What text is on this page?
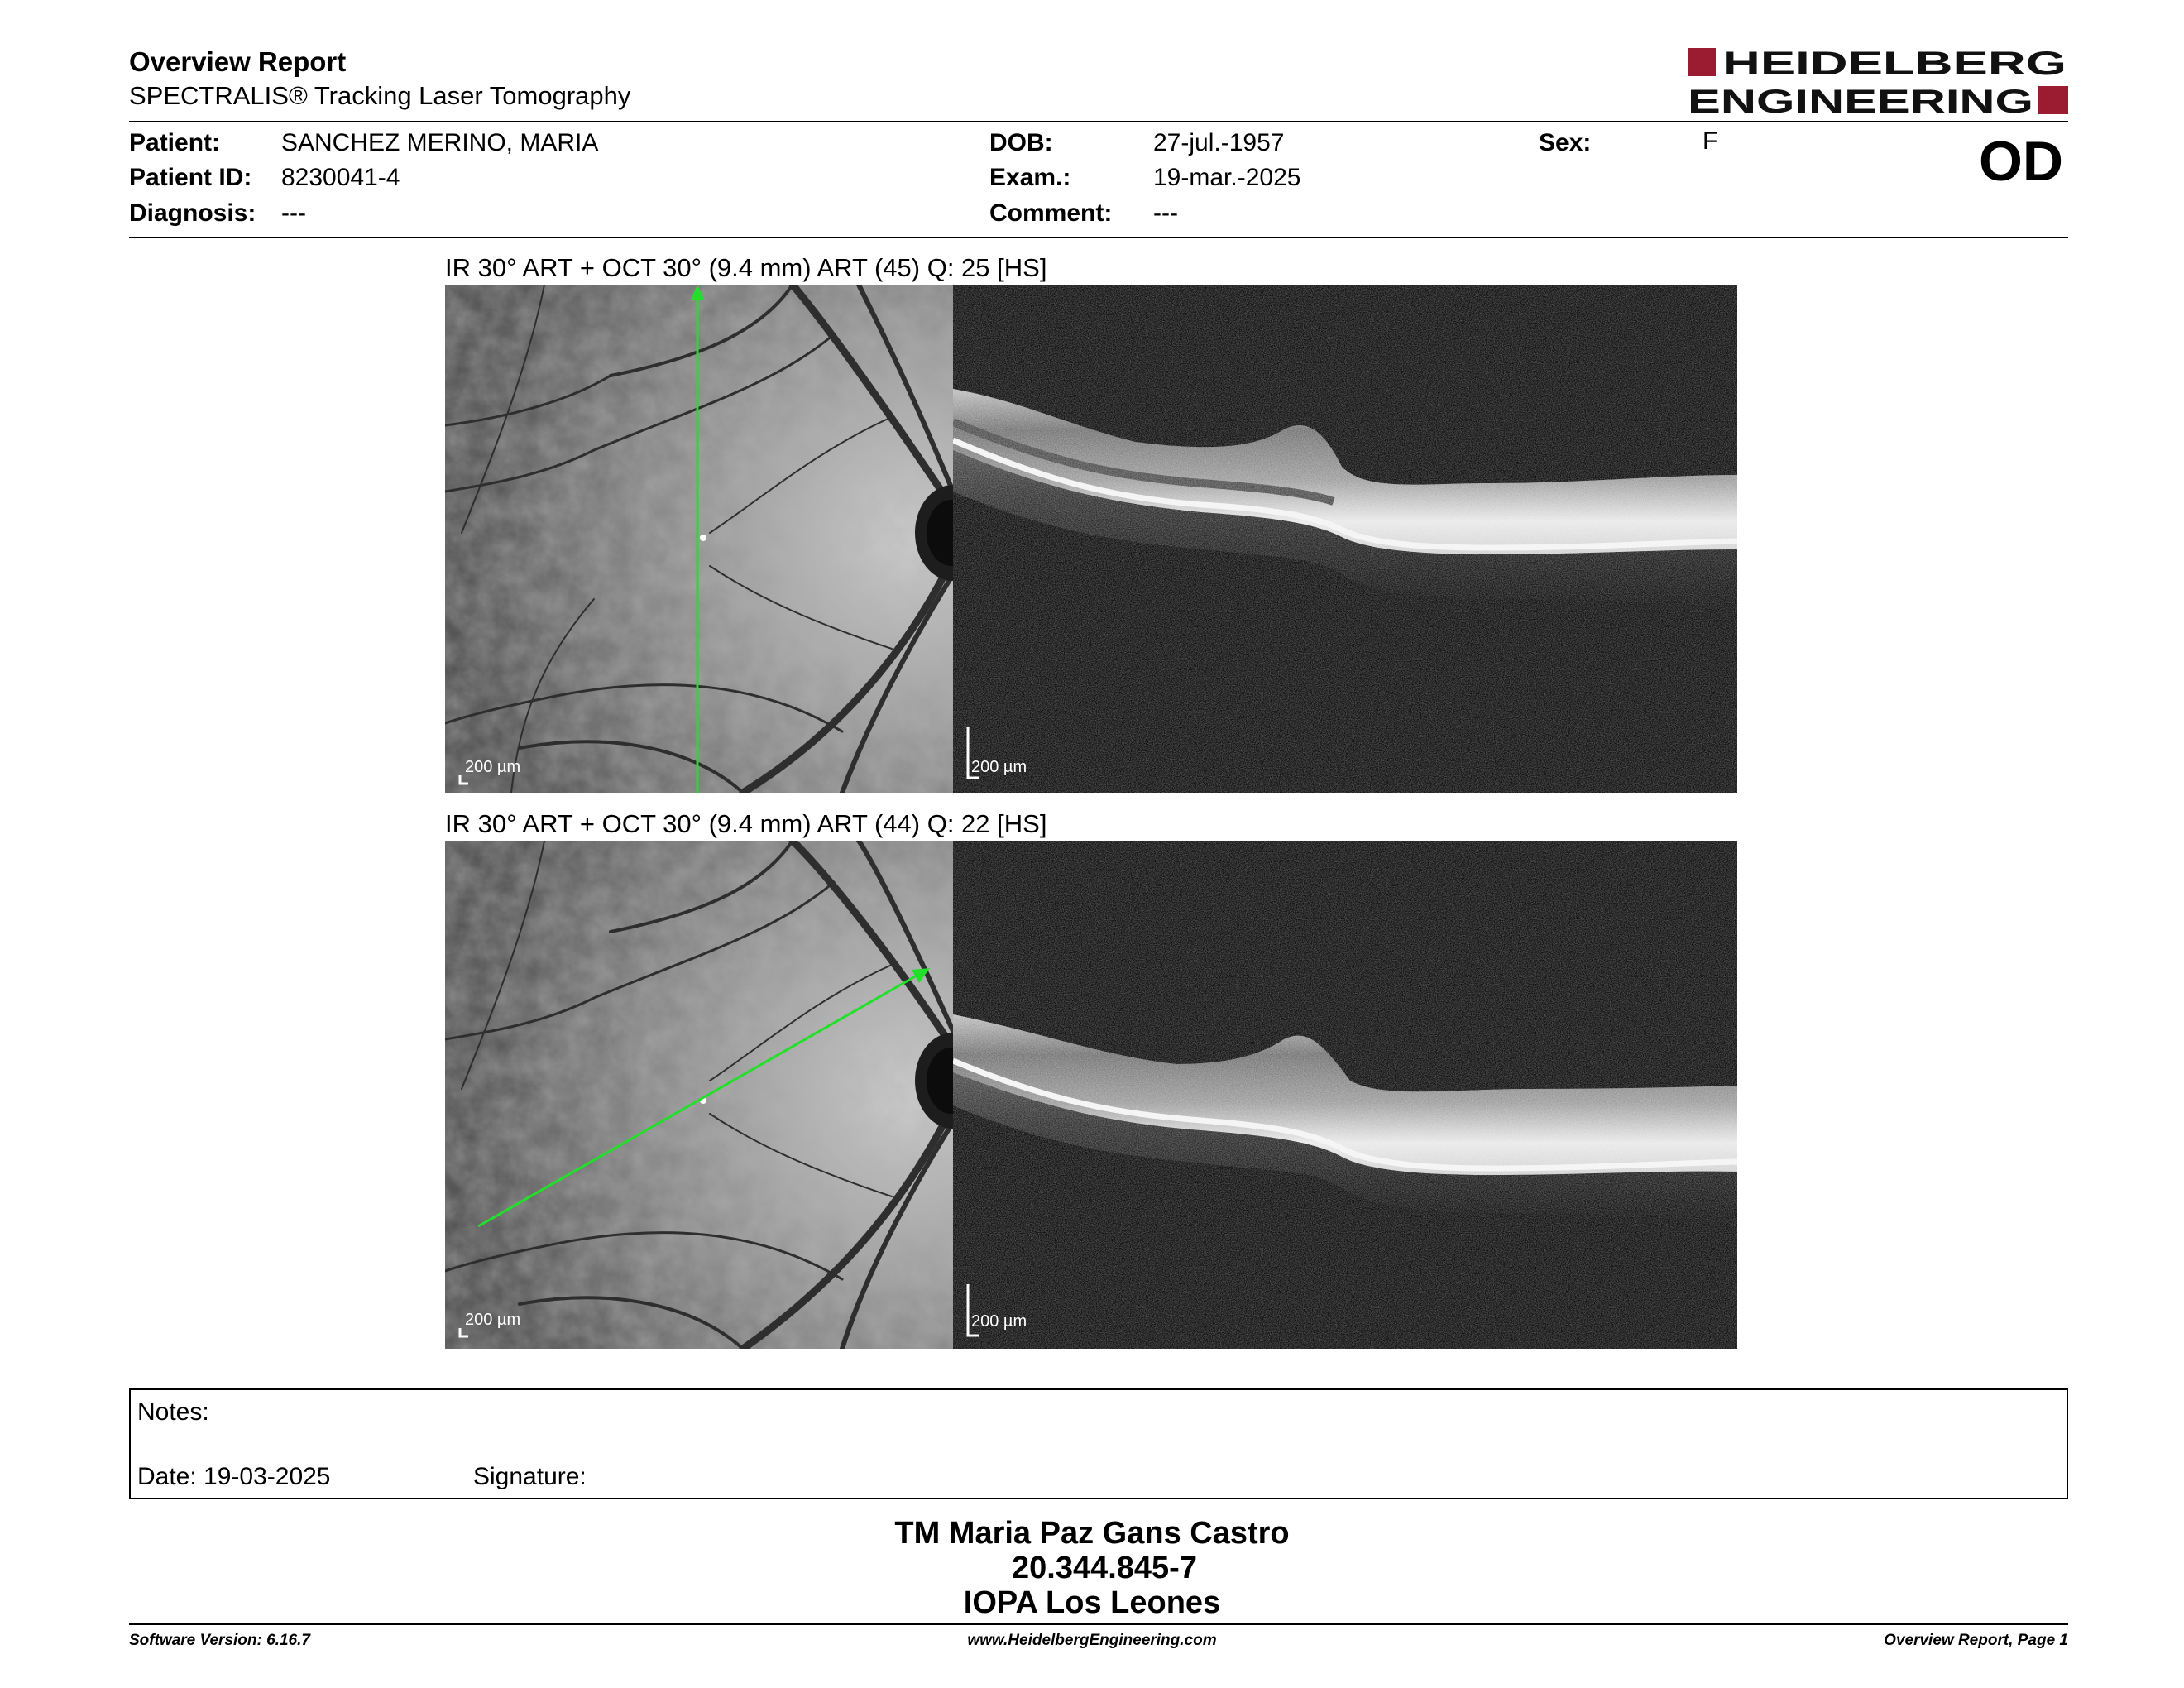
Overview Report
SPECTRALIS® Tracking Laser Tomography
HEIDELBERG
ENGINEERING
Patient: SANCHEZ MERINO, MARIA
Patient ID: 8230041-4
Diagnosis: ---
DOB:	27-jul.-1957
Exam.:	19-mar.-2025
Comment: ---
Sex:	F	OD
IR 30° ART + OCT 30° (9.4 mm) ART (45) Q: 25 [HS]
200 µm	200 µm
IR 30° ART + OCT 30° (9.4 mm) ART (44) Q: 22 [HS]
200 µm	200 µm
Notes:
Date: 19-03-2025	Signature:
TM Maria Paz Gans Castro
20.344.845-7
IOPA Los Leones
Software Version: 6.16.7	www.HeidelbergEngineering.com	Overview Report, Page 1
